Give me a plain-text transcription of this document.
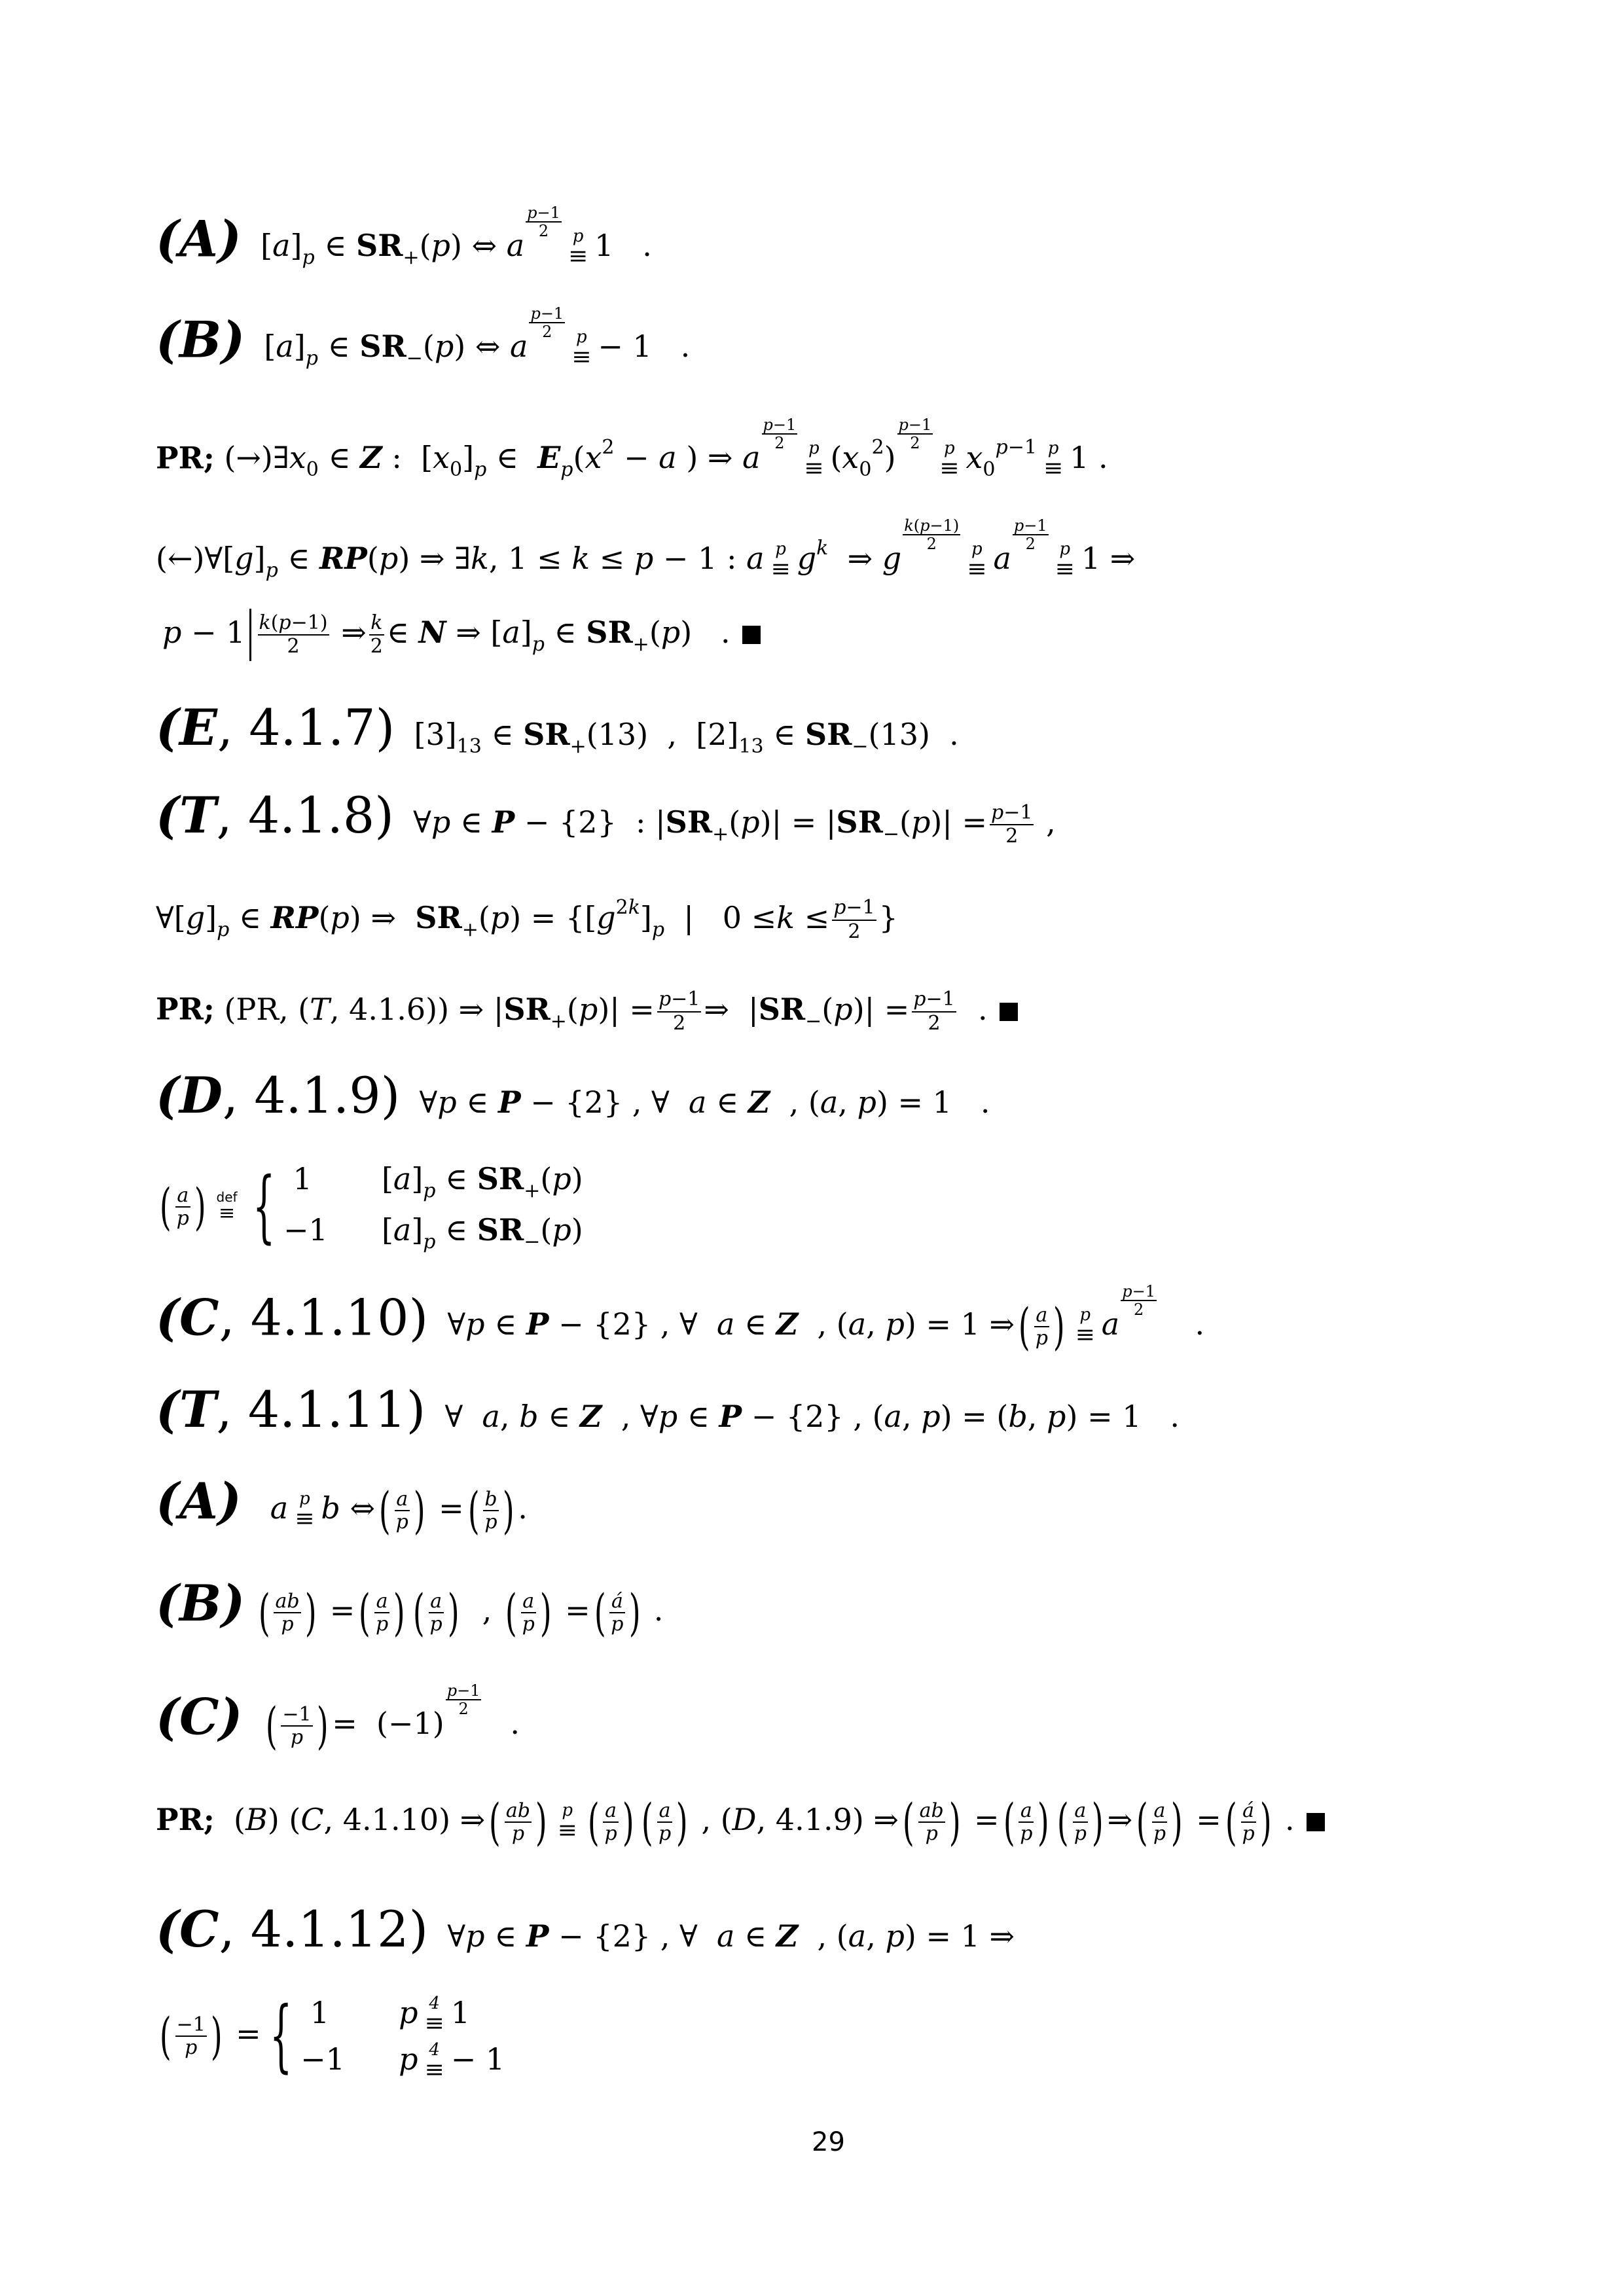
(A)  $[a]_p$ ∈ $SR_+(p)$ ⇔ a
$\frac{p-1}{2}$ p
≡ 1   .
(B)  $[a]_p$ ∈ $SR_-(p)$ ⇔ a
$\frac{p-1}{2}$ p
≡ − 1   .
PR; $(\to)\exists x_0$ ∈ Z :  $[x_0]_p$ ∈  $E_p(x^2 - a$ ) ⇒ a
$\frac{p-1}{2}$ p
≡ $(x_0^2)$
$\frac{p-1}{2}$ p
≡ $x_0^{p-1}$ p
≡ 1 .
$(\leftarrow)\forall[g]_p$ ∈ RP(p) ⇒ ∃k, 1 ≤ k ≤ p − 1 : a p
≡ $g^k$  ⇒ g
$\frac{k(p-1)}{2}$ p
≡ a
$\frac{p-1}{2}$ p
≡ 1 ⇒
$p - 1 \frac{k(p-1)}{2}$ ⇒ $\frac{k}{2}$ ∈ N ⇒ $[a]_p$ ∈ $SR_+(p)$   .
(E, 4.1.7)  $[3]_{13}$ ∈ $SR_+(13)$  ,  $[2]_{13}$ ∈ $SR_-(13)$  .
(T, 4.1.8)  ∀p ∈ P − {2}  : $|SR_+(p)| = |SR_-(p)| = \frac{p-1}{2}$ ,
$\forall[g]_p$ ∈ RP(p) ⇒  $SR_+(p) = \{[g^{2k}]_p$  |   $0 \le k \le \frac{p-1}{2}$ }
PR; (PR, (T, 4.1.6)) ⇒ $|SR_+(p)| = \frac{p-1}{2}$ ⇒  $|SR_-(p)| = \frac{p-1}{2}$ .
(D, 4.1.9)  ∀p ∈ P − {2} , ∀  a ∈ Z  , (a, p) = 1   .
( $\frac{a}{p}$ ) def
≡ { 1 $[a]_p$ ∈ $SR_+(p)$
−1 $[a]_p$ ∈ $SR_-(p)$
(C, 4.1.10)  ∀p ∈ P − {2} , ∀  a ∈ Z  , (a, p) = 1 ⇒( $\frac{a}{p}$ ) p
≡ a
$\frac{p-1}{2}$
.
(T, 4.1.11)  ∀  a, b ∈ Z  , ∀p ∈ P − {2} , (a, p) = (b, p) = 1   .
(A) a p
≡ b ⇔( $\frac{a}{p}$ ) =( $\frac{b}{p}$ ) .
(B) ( $\frac{ab}{p}$ ) =( $\frac{a}{p}$ ) ( $\frac{a}{p}$ )  , ( $\frac{a}{p}$ ) =( $\frac{á}{p}$ ) .
(C) ( $\frac{-1}{p}$ ) =  (−1)
$\frac{p-1}{2}$
.
PR;  (B) (C, 4.1.10) ⇒( $\frac{ab}{p}$ ) p
≡ ( $\frac{a}{p}$ ) ( $\frac{a}{p}$ ) , (D, 4.1.9) ⇒( $\frac{ab}{p}$ ) =( $\frac{a}{p}$ ) ( $\frac{a}{p}$ ) ⇒( $\frac{a}{p}$ ) =( $\frac{á}{p}$ ) .
(C, 4.1.12)  ∀p ∈ P − {2} , ∀  a ∈ Z  , (a, p) = 1 ⇒
( $\frac{-1}{p}$ ) = { 1 p 4
≡ 1
−1 p 4
≡ − 1
29
